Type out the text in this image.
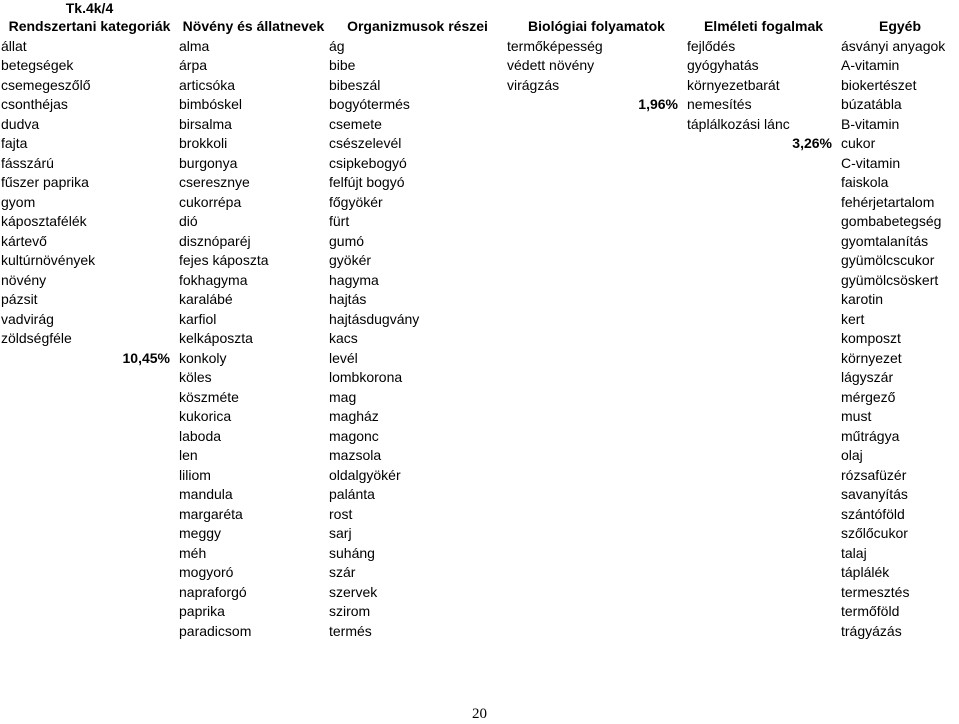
Tk.4k/4
Rendszertani kategoriák	Növény és állatnevek	Organizmusok részei	Biológiai folyamatok	Elméleti fogalmak	Egyéb
állat	alma	ág	termőképesség	fejlődés	ásványi anyagok
betegségek	árpa	bibe	védett növény	gyógyhatás	A-vitamin
csemegeszőlő	articsóka	bibeszál	virágzás	környezetbarát	biokertészet
csonthéjas	bimbóskel	bogyótermés	1,96%	nemesítés	búzatábla
dudva	birsalma	csemete		táplálkozási lánc	B-vitamin
fajta	brokkoli	csészelevél		3,26%	cukor
fásszárú	burgonya	csipkebogyó			C-vitamin
fűszer paprika	cseresznye	felfújt bogyó			faiskola
gyom	cukorrépa	főgyökér			fehérjetartalom
káposztafélék	dió	fürt			gombabetegség
kártevő	disznóparéj	gumó			gyomtalanítás
kultúrnövények	fejes káposzta	gyökér			gyümölcscukor
növény	fokhagyma	hagyma			gyümölcsöskert
pázsit	karalábé	hajtás			karotin
vadvirág	karfiol	hajtásdugvány			kert
zöldségféle	kelkáposzta	kacs			komposzt
10,45%	konkoly	levél			környezet
	köles	lombkorona			lágyszár
	köszméte	mag			mérgező
	kukorica	magház			must
	laboda	magonc			műtrágya
	len	mazsola			olaj
	liliom	oldalgyökér			rózsafüzér
	mandula	palánta			savanyítás
	margaréta	rost			szántóföld
	meggy	sarj			szőlőcukor
	méh	suháng			talaj
	mogyoró	szár			táplálék
	napraforgó	szervek			termesztés
	paprika	szirom			termőföld
	paradicsom	termés			trágyázás
20
